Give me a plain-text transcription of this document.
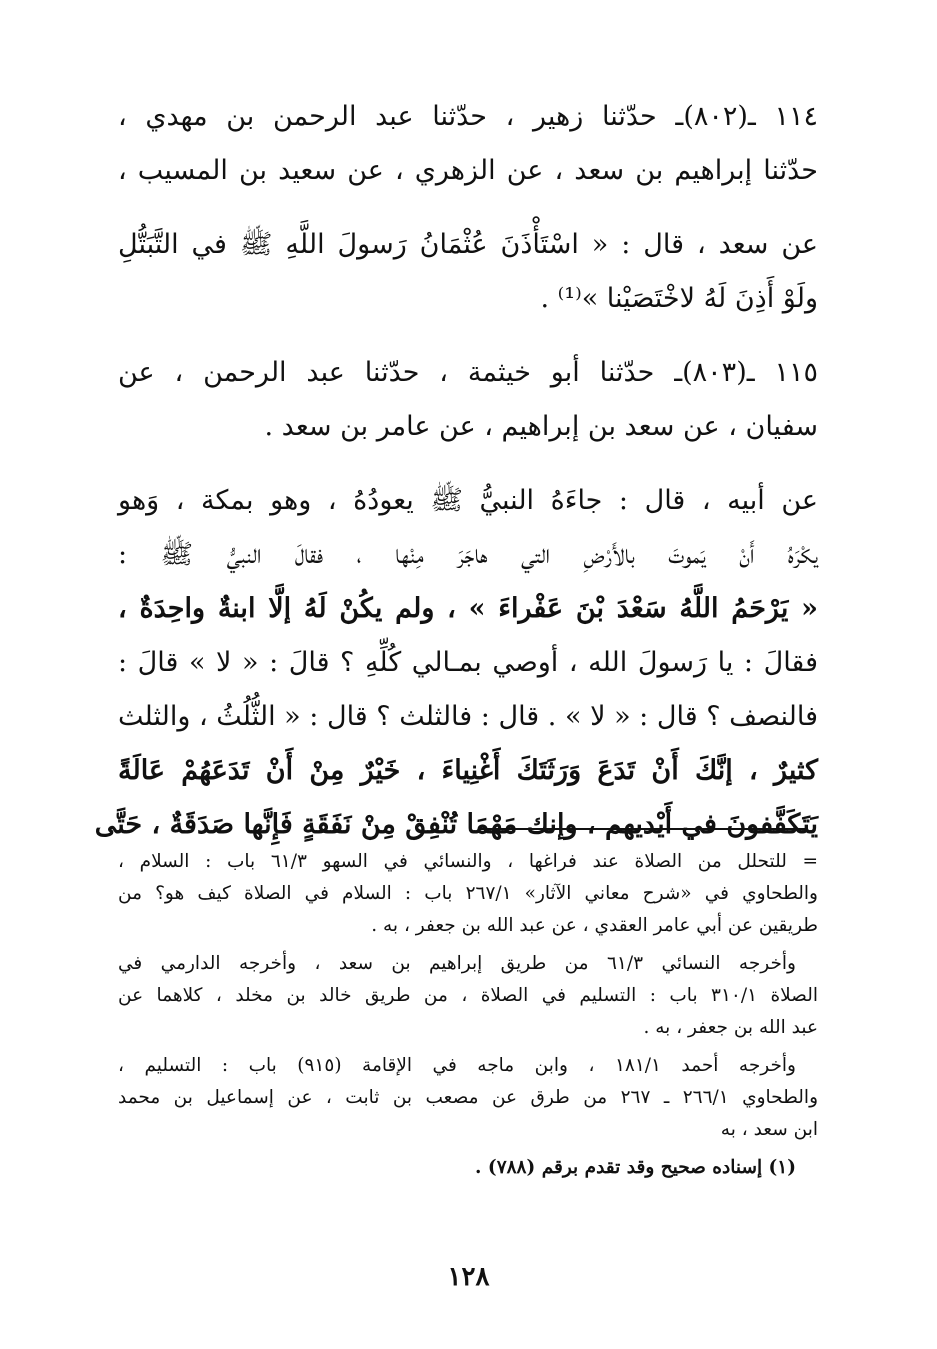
١١٤ ـ(٨٠٢)ـ حدّثنا زهير ، حدّثنا عبد الرحمن بن مهدي ،
حدّثنا إبراهيم بن سعد ، عن الزهري ، عن سعيد بن المسيب ،
عن سعد ، قال : « اسْتَأْذَنَ عُثْمَانُ رَسولَ اللَّهِ ﷺ في التَّبَتُّلِ
ولَوْ أَذِنَ لَهُ لاخْتَصَيْنا »⁽¹⁾ .
١١٥ ـ(٨٠٣)ـ حدّثنا أبو خيثمة ، حدّثنا عبد الرحمن ، عن
سفيان ، عن سعد بن إبراهيم ، عن عامر بن سعد .
عن أبيه ، قال : جاءَهُ النبيُّ ﷺ يعودُهُ ، وهو بمكة ، وَهو
يكْرَهُ أَنْ يَموتَ بالأَرْضِ التي هاجَرَ مِنْها ، فقالَ النبيُّ ﷺ :
« يَرْحَمُ اللَّهُ سَعْدَ بْنَ عَفْراءَ » ، ولم يكُنْ لَهُ إلَّا ابنةٌ واحِدَةٌ ،
فقالَ : يا رَسولَ الله ، أوصي بمـالي كُلِّهِ ؟ قالَ : « لا » قالَ :
فالنصف ؟ قال : « لا » . قال : فالثلث ؟ قال : « الثُّلُثُ ، والثلث
كثيرٌ ، إنَّكَ أَنْ تَدَعَ وَرَثَتَكَ أَغْنِياءَ ، خَيْرٌ مِنْ أَنْ تَدَعَهُمْ عَالَةً
يَتَكَفَّفونَ في أَيْديهم ، وإنك مَهْمَا تُنْفِقْ مِنْ نَفَقَةٍ فَإِنَّها صَدَقَةٌ ، حَتَّى
= للتحلل من الصلاة عند فراغها ، والنسائي في السهو ٦١/٣ باب : السلام ،
والطحاوي في «شرح معاني الآثار» ٢٦٧/١ باب : السلام في الصلاة كيف هو؟ من
طريقين عن أبي عامر العقدي ، عن عبد الله بن جعفر ، به .
وأخرجه النسائي ٦١/٣ من طريق إبراهيم بن سعد ، وأخرجه الدارمي في
الصلاة ٣١٠/١ باب : التسليم في الصلاة ، من طريق خالد بن مخلد ، كلاهما عن
عبد الله بن جعفر ، به .
وأخرجه أحمد ١٨١/١ ، وابن ماجه في الإقامة (٩١٥) باب : التسليم ،
والطحاوي ٢٦٦/١ ـ ٢٦٧ من طرق عن مصعب بن ثابت ، عن إسماعيل بن محمد
ابن سعد ، به
(١) إسناده صحيح وقد تقدم برقم (٧٨٨) .
١٢٨
